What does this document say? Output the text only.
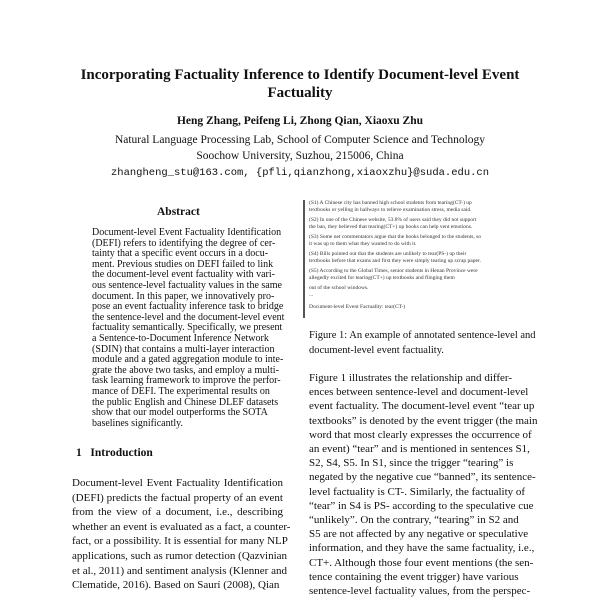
Incorporating Factuality Inference to Identify Document-level Event
Factuality
Heng Zhang, Peifeng Li, Zhong Qian, Xiaoxu Zhu
Natural Language Processing Lab, School of Computer Science and Technology
Soochow University, Suzhou, 215006, China
zhangheng_stu@163.com, {pfli,qianzhong,xiaoxzhu}@suda.edu.cn
Abstract
Document-level Event Factuality Identification
(DEFI) refers to identifying the degree of cer-
tainty that a specific event occurs in a docu-
ment. Previous studies on DEFI failed to link
the document-level event factuality with vari-
ous sentence-level factuality values in the same
document. In this paper, we innovatively pro-
pose an event factuality inference task to bridge
the sentence-level and the document-level event
factuality semantically. Specifically, we present
a Sentence-to-Document Inference Network
(SDIN) that contains a multi-layer interaction
module and a gated aggregation module to inte-
grate the above two tasks, and employ a multi-
task learning framework to improve the perfor-
mance of DEFI. The experimental results on
the public English and Chinese DLEF datasets
show that our model outperforms the SOTA
baselines significantly.
1   Introduction
Document-level Event Factuality Identification
(DEFI) predicts the factual property of an event
from the view of a document, i.e., describing
whether an event is evaluated as a fact, a counter-
fact, or a possibility. It is essential for many NLP
applications, such as rumor detection (Qazvinian
et al., 2011) and sentiment analysis (Klenner and
Clematide, 2016). Based on Saurí (2008), Qian
(S1) A Chinese city has banned high school students from tearing(CT-) up
textbooks or yelling in hallways to relieve examination stress, media said.
(S2) In one of the Chinese website, 53.8% of users said they did not support
the ban, they believed that tearing(CT+) up books can help vent emotions.
(S3) Some net commentators argue that the books belonged to the students, so
it was up to them what they wanted to do with it.
(S4) Bills pointed out that the students are unlikely to tear(PS-) up their
textbooks before that exams and first they were simply tearing up scrap paper.
(S5) According to the Global Times, senior students in Henan Province were
allegedly excited for tearing(CT+) up textbooks and flinging them
out of the school windows.
...
Document-level Event Factuality: tear(CT-)
Figure 1: An example of annotated sentence-level and
document-level event factuality.
Figure 1 illustrates the relationship and differ-
ences between sentence-level and document-level
event factuality. The document-level event “tear up
textbooks” is denoted by the event trigger (the main
word that most clearly expresses the occurrence of
an event) “tear” and is mentioned in sentences S1,
S2, S4, S5. In S1, since the trigger “tearing” is
negated by the negative cue “banned”, its sentence-
level factuality is CT-. Similarly, the factuality of
“tear” in S4 is PS- according to the speculative cue
“unlikely”. On the contrary, “tearing” in S2 and
S5 are not affected by any negative or speculative
information, and they have the same factuality, i.e.,
CT+. Although those four event mentions (the sen-
tence containing the event trigger) have various
sentence-level factuality values, from the perspec-
